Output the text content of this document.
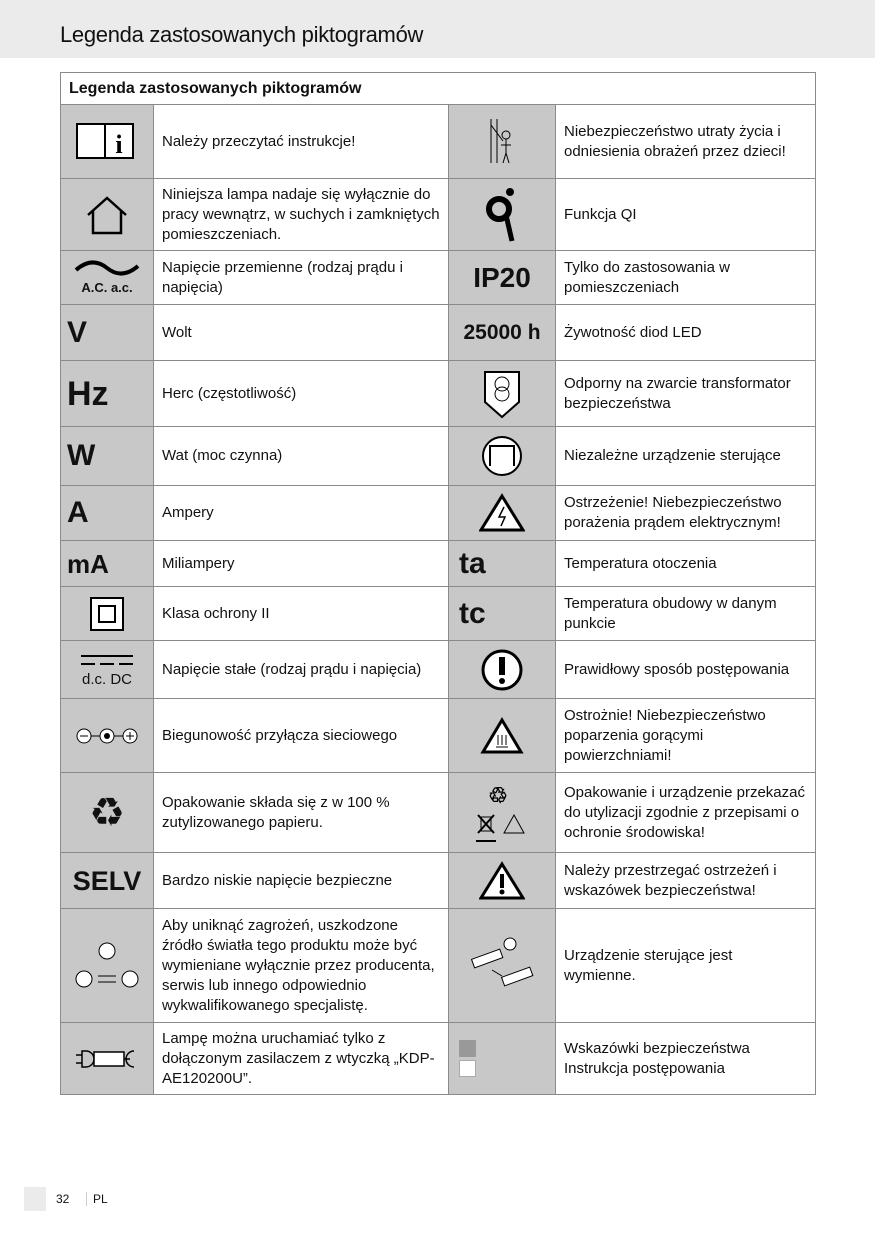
Legenda zastosowanych piktogramów
Legenda zastosowanych piktogramów			

i	Należy przeczytać instrukcje!		Niebezpieczeństwo utraty życia i odniesienia obrażeń przez dzieci!
	Niniejsza lampa nadaje się wyłącznie do pracy wewnątrz, w suchych i zamkniętych pomieszczeniach.		Funkcja QI

A.C. a.c.	Napięcie przemienne (rodzaj prądu i napięcia)	IP20	Tylko do zastosowania w pomieszczeniach
V	Wolt	25000 h	Żywotność diod LED
Hz	Herc (częstotliwość)		Odporny na zwarcie transformator bezpieczeństwa
W	Wat (moc czynna)		Niezależne urządzenie sterujące
A	Ampery		Ostrzeżenie! Niebezpieczeństwo porażenia prądem elektrycznym!
mA	Miliampery	ta	Temperatura otoczenia
	Klasa ochrony II	tc	Temperatura obudowy w danym punkcie

d.c. DC	Napięcie stałe (rodzaj prądu i napięcia)		Prawidłowy sposób postępowania
	Biegunowość przyłącza sieciowego		Ostrożnie! Niebezpieczeństwo poparzenia gorącymi powierzchniami!
♻	Opakowanie składa się z w 100 % zutylizowanego papieru.	♲	Opakowanie i urządzenie przekazać do utylizacji zgodnie z przepisami o ochronie środowiska!
SELV	Bardzo niskie napięcie bezpieczne		Należy przestrzegać ostrzeżeń i wskazówek bezpieczeństwa!
	Aby uniknąć zagrożeń, uszkodzone źródło światła tego produktu może być wymieniane wyłącznie przez producenta, serwis lub innego odpowiednio wykwalifikowanego specjalistę.		Urządzenie sterujące jest wymienne.
	Lampę można uruchamiać tylko z dołączonym zasilaczem z wtyczką „KDP-AE120200U”.		Wskazówki bezpieczeństwa
Instrukcja postępowania
32	PL
